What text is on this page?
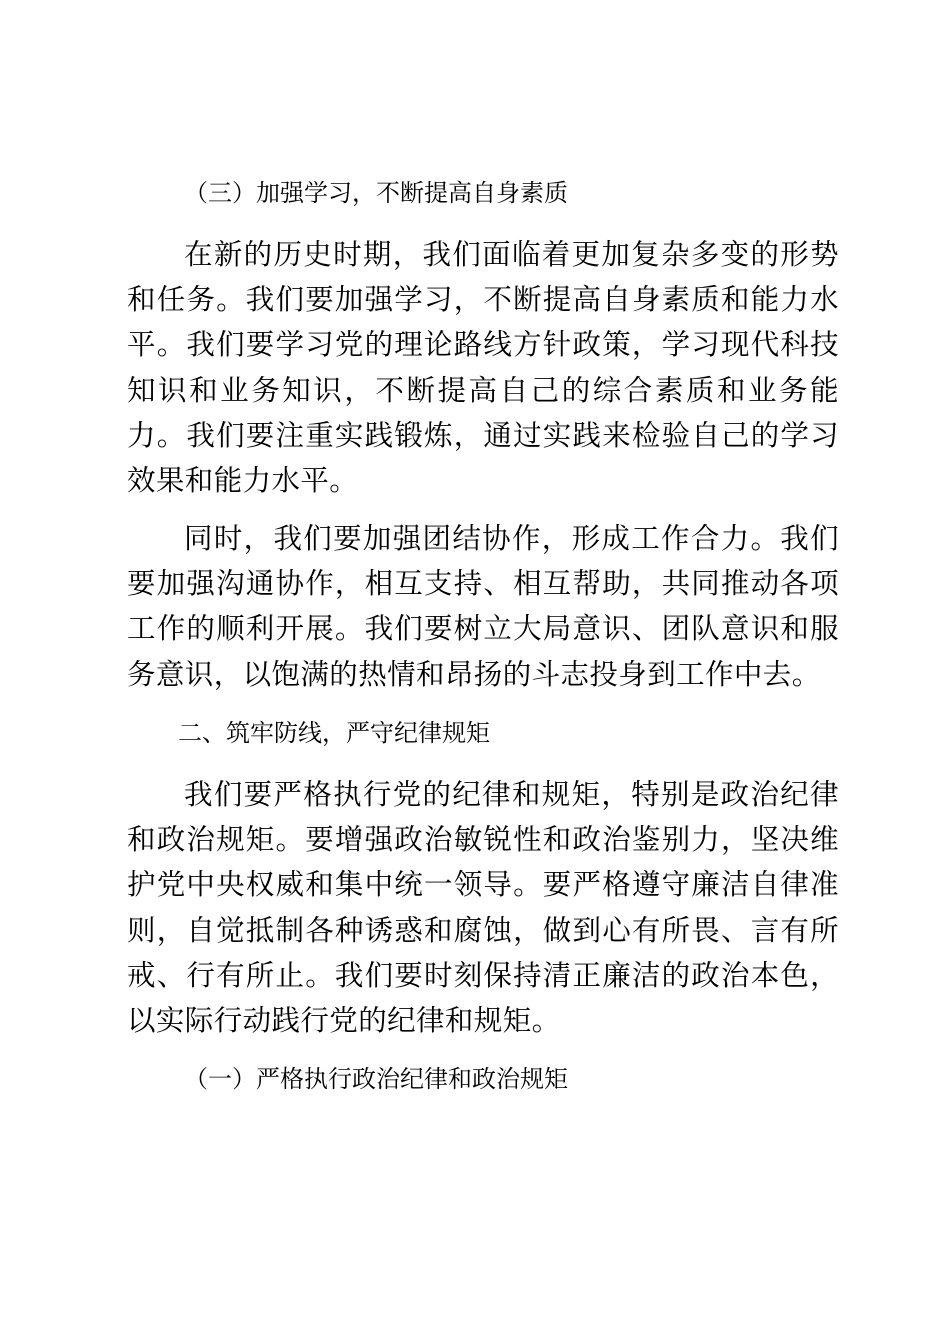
（三）加强学习，不断提高自身素质
在新的历史时期，我们面临着更加复杂多变的形势和任务。我们要加强学习，不断提高自身素质和能力水平。我们要学习党的理论路线方针政策，学习现代科技知识和业务知识，不断提高自己的综合素质和业务能力。我们要注重实践锻炼，通过实践来检验自己的学习效果和能力水平。
同时，我们要加强团结协作，形成工作合力。我们要加强沟通协作，相互支持、相互帮助，共同推动各项工作的顺利开展。我们要树立大局意识、团队意识和服务意识，以饱满的热情和昂扬的斗志投身到工作中去。
二、筑牢防线，严守纪律规矩
我们要严格执行党的纪律和规矩，特别是政治纪律和政治规矩。要增强政治敏锐性和政治鉴别力，坚决维护党中央权威和集中统一领导。要严格遵守廉洁自律准则，自觉抵制各种诱惑和腐蚀，做到心有所畏、言有所戒、行有所止。我们要时刻保持清正廉洁的政治本色，以实际行动践行党的纪律和规矩。
（一）严格执行政治纪律和政治规矩
